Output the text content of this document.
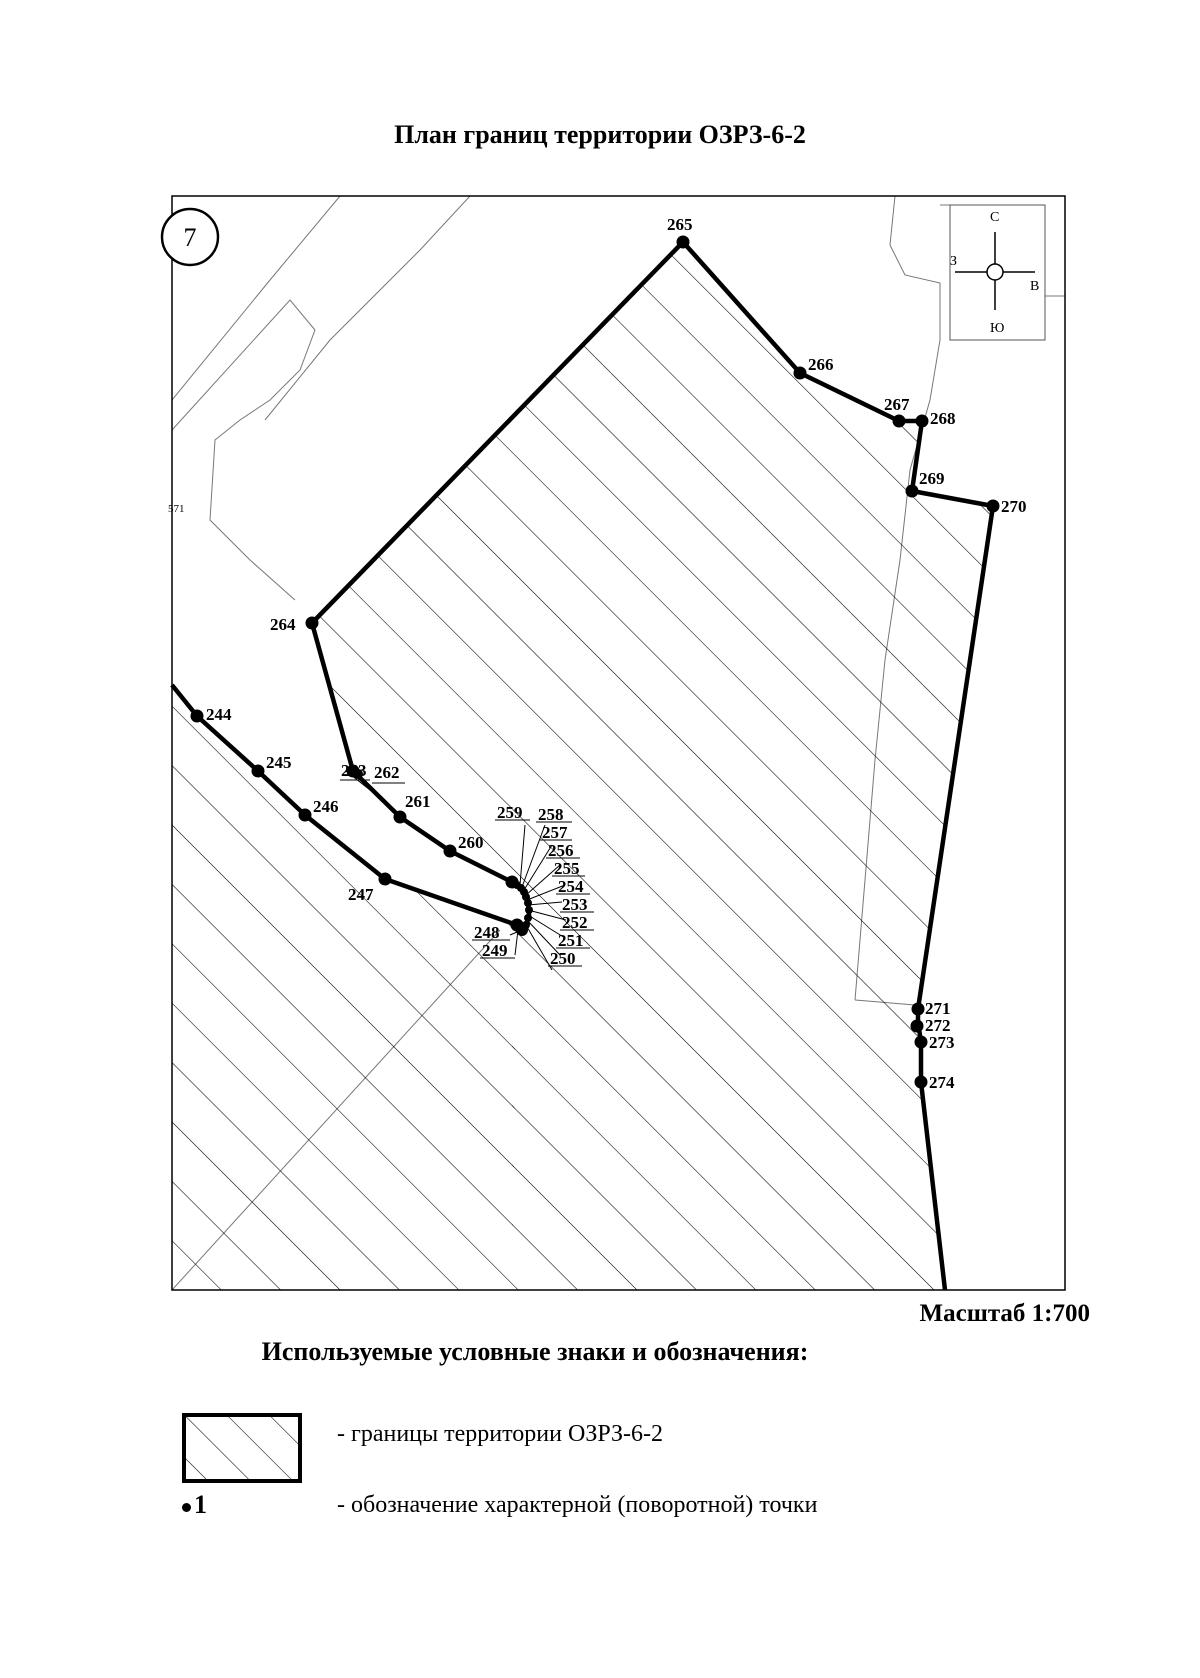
План границ территории ОЗРЗ-6-2
С
Ю
В
З
7
571
244
245
246
247
248
249	250
251
252
253
254
255
256
257
258
259
260
261
262
263
264
265
266
267
268
269
270
271
272
273
274
Масштаб 1:700
Используемые условные знаки и обозначения:
- границы территории ОЗРЗ-6-2
1	- обозначение характерной (поворотной) точки
